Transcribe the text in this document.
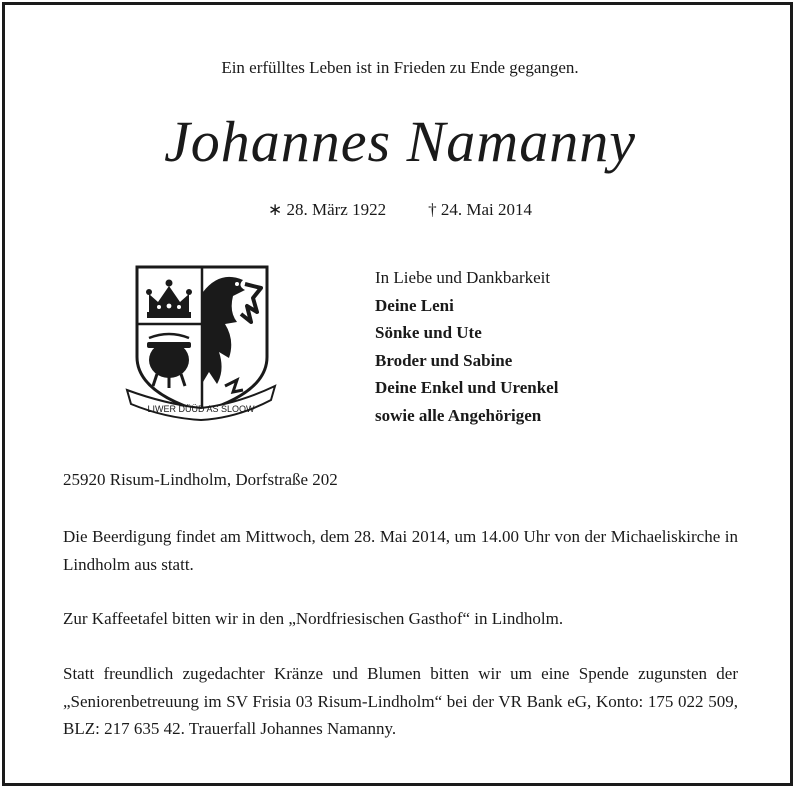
Ein erfülltes Leben ist in Frieden zu Ende gegangen.
Johannes Namanny
∗ 28. März 1922 † 24. Mai 2014
LIWER DÜÜD AS SLOOW
In Liebe und Dankbarkeit
Deine Leni
Sönke und Ute
Broder und Sabine
Deine Enkel und Urenkel
sowie alle Angehörigen
25920 Risum-Lindholm, Dorfstraße 202
Die Beerdigung findet am Mittwoch, dem 28. Mai 2014, um 14.00 Uhr von der Michaeliskirche in Lindholm aus statt.
Zur Kaffeetafel bitten wir in den „Nordfriesischen Gasthof“ in Lindholm.
Statt freundlich zugedachter Kränze und Blumen bitten wir um eine Spende zugunsten der „Seniorenbetreuung im SV Frisia 03 Risum-Lindholm“ bei der VR Bank eG, Konto: 175 022 509, BLZ: 217 635 42. Trauerfall Johannes Namanny.
